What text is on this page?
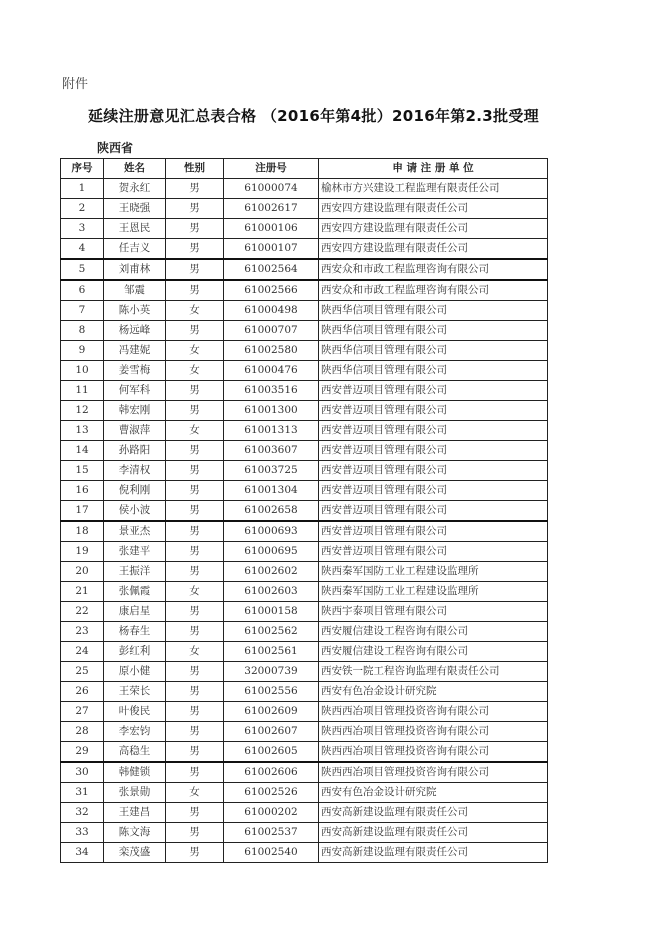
附件
延续注册意见汇总表合格 （2016年第4批）2016年第2.3批受理
陕西省
序号	姓名	性别	注册号	申 请 注 册 单 位
1	贺永红	男	61000074	榆林市方兴建设工程监理有限责任公司
2	王晓强	男	61002617	西安四方建设监理有限责任公司
3	王恩民	男	61000106	西安四方建设监理有限责任公司
4	任吉义	男	61000107	西安四方建设监理有限责任公司
5	刘甫林	男	61002564	西安众和市政工程监理咨询有限公司
6	邹震	男	61002566	西安众和市政工程监理咨询有限公司
7	陈小英	女	61000498	陕西华信项目管理有限公司
8	杨远峰	男	61000707	陕西华信项目管理有限公司
9	冯建妮	女	61002580	陕西华信项目管理有限公司
10	姜雪梅	女	61000476	陕西华信项目管理有限公司
11	何军科	男	61003516	西安普迈项目管理有限公司
12	韩宏刚	男	61001300	西安普迈项目管理有限公司
13	曹淑萍	女	61001313	西安普迈项目管理有限公司
14	孙路阳	男	61003607	西安普迈项目管理有限公司
15	李清权	男	61003725	西安普迈项目管理有限公司
16	倪利刚	男	61001304	西安普迈项目管理有限公司
17	侯小波	男	61002658	西安普迈项目管理有限公司
18	景亚杰	男	61000693	西安普迈项目管理有限公司
19	张建平	男	61000695	西安普迈项目管理有限公司
20	王振洋	男	61002602	陕西秦军国防工业工程建设监理所
21	张佩霞	女	61002603	陕西秦军国防工业工程建设监理所
22	康启星	男	61000158	陕西宇泰项目管理有限公司
23	杨春生	男	61002562	西安履信建设工程咨询有限公司
24	彭红利	女	61002561	西安履信建设工程咨询有限公司
25	原小健	男	32000739	西安铁一院工程咨询监理有限责任公司
26	王荣长	男	61002556	西安有色冶金设计研究院
27	叶俊民	男	61002609	陕西西冶项目管理投资咨询有限公司
28	李宏钧	男	61002607	陕西西冶项目管理投资咨询有限公司
29	高稳生	男	61002605	陕西西冶项目管理投资咨询有限公司
30	韩健锁	男	61002606	陕西西冶项目管理投资咨询有限公司
31	张景勋	女	61002526	西安有色冶金设计研究院
32	王建昌	男	61000202	西安高新建设监理有限责任公司
33	陈文海	男	61002537	西安高新建设监理有限责任公司
34	栾茂盛	男	61002540	西安高新建设监理有限责任公司
